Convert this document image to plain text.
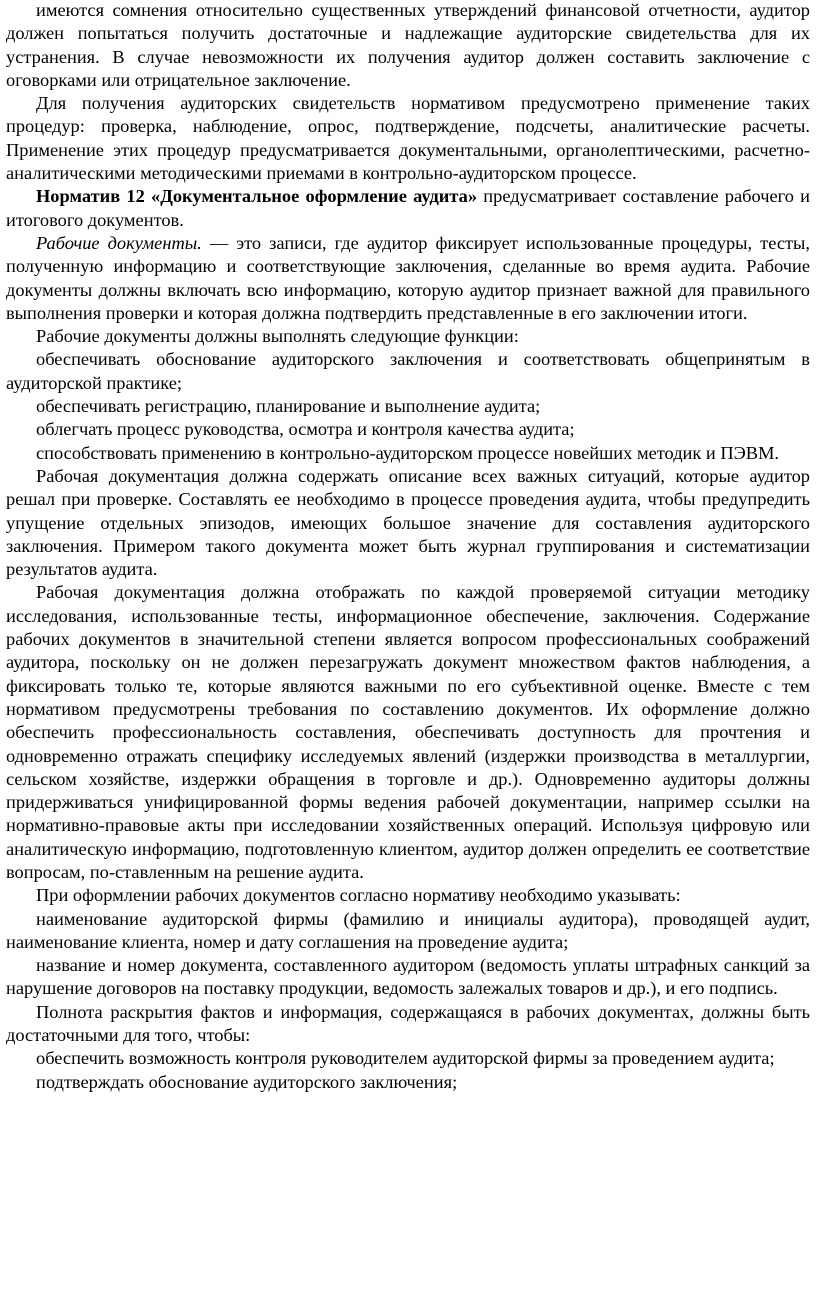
имеются сомнения относительно существенных утверждений финансовой отчетности, аудитор должен попытаться получить достаточные и надлежащие аудиторские свидетельства для их устранения. В случае невозможности их получения аудитор должен составить заключение с оговорками или отрицательное заключение.

Для получения аудиторских свидетельств нормативом предусмотрено применение таких процедур: проверка, наблюдение, опрос, подтверждение, подсчеты, аналитические расчеты. Применение этих процедур предусматривается документальными, органолептическими, расчетно-аналитическими методическими приемами в контрольно-аудиторском процессе.

Норматив 12 «Документальное оформление аудита» предусматривает составление рабочего и итогового документов.

Рабочие документы. — это записи, где аудитор фиксирует использованные процедуры, тесты, полученную информацию и соответствующие заключения, сделанные во время аудита. Рабочие документы должны включать всю информацию, которую аудитор признает важной для правильного выполнения проверки и которая должна подтвердить представленные в его заключении итоги.

Рабочие документы должны выполнять следующие функции:

обеспечивать обоснование аудиторского заключения и соответствовать общепринятым в аудиторской практике;

обеспечивать регистрацию, планирование и выполнение аудита;

облегчать процесс руководства, осмотра и контроля качества аудита;

способствовать применению в контрольно-аудиторском процессе новейших методик и ПЭВМ.

Рабочая документация должна содержать описание всех важных ситуаций, которые аудитор решал при проверке. Составлять ее необходимо в процессе проведения аудита, чтобы предупредить упущение отдельных эпизодов, имеющих большое значение для составления аудиторского заключения. Примером такого документа может быть журнал группирования и систематизации результатов аудита.

Рабочая документация должна отображать по каждой проверяемой ситуации методику исследования, использованные тесты, информационное обеспечение, заключения. Содержание рабочих документов в значительной степени является вопросом профессиональных соображений аудитора, поскольку он не должен перезагружать документ множеством фактов наблюдения, а фиксировать только те, которые являются важными по его субъективной оценке. Вместе с тем нормативом предусмотрены требования по составлению документов. Их оформление должно обеспечить профессиональность составления, обеспечивать доступность для прочтения и одновременно отражать специфику исследуемых явлений (издержки производства в металлургии, сельском хозяйстве, издержки обращения в торговле и др.). Одновременно аудиторы должны придерживаться унифицированной формы ведения рабочей документации, например ссылки на нормативно-правовые акты при исследовании хозяйственных операций. Используя цифровую или аналитическую информацию, подготовленную клиентом, аудитор должен определить ее соответствие вопросам, по-ставленным на решение аудита.

При оформлении рабочих документов согласно нормативу необходимо указывать:

наименование аудиторской фирмы (фамилию и инициалы аудитора), проводящей аудит, наименование клиента, номер и дату соглашения на проведение аудита;

название и номер документа, составленного аудитором (ведомость уплаты штрафных санкций за нарушение договоров на поставку продукции, ведомость залежалых товаров и др.), и его подпись.

Полнота раскрытия фактов и информация, содержащаяся в рабочих документах, должны быть достаточными для того, чтобы:

обеспечить возможность контроля руководителем аудиторской фирмы за проведением аудита;

подтверждать обоснование аудиторского заключения;
